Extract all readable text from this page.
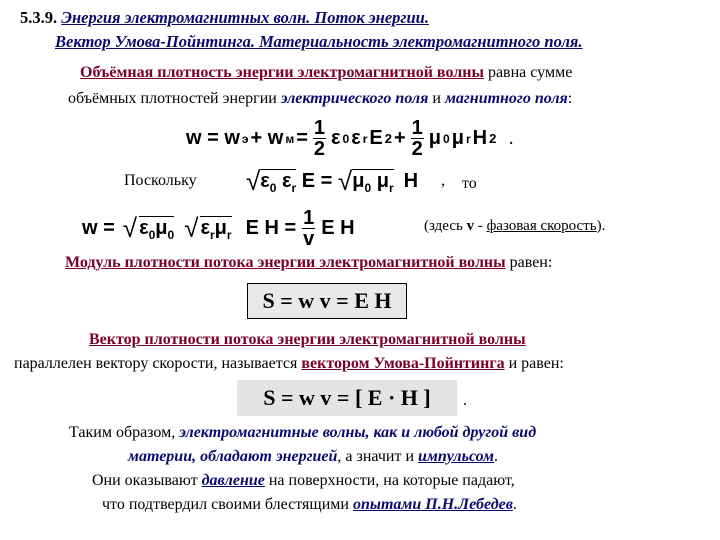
5.3.9. Энергия электромагнитных волн. Поток энергии.
Вектор Умова-Пойнтинга. Материальность электромагнитного поля.
Объёмная плотность энергии электромагнитной волны равна сумме
объёмных плотностей энергии электрического поля и магнитного поля:
w = w э + w $м = \frac{1}{2}$ ε 0 ε r E $2 + \frac{1}{2}$ μ 0 μ r H 2 .
Поскольку √ $\varepsilon_0$ $\varepsilon_r$ E = √ $\mu_0$ $\mu_r$ H , то
w = √ $\varepsilon_0\mu_0$ √ $\varepsilon_r\mu_r$ E $H = \frac{1}{v}$ E H	(здесь v - фазовая скорость).
Модуль плотности потока энергии электромагнитной волны равен:
S = w v = E H
Вектор плотности потока энергии электромагнитной волны
параллелен вектору скорости, называется вектором Умова-Пойнтинга и равен:
S = w v = [ E · H ] .
Таким образом, электромагнитные волны, как и любой другой вид
материи, обладают энергией, а значит и импульсом.
Они оказывают давление на поверхности, на которые падают,
что подтвердил своими блестящими опытами П.Н.Лебедев.
